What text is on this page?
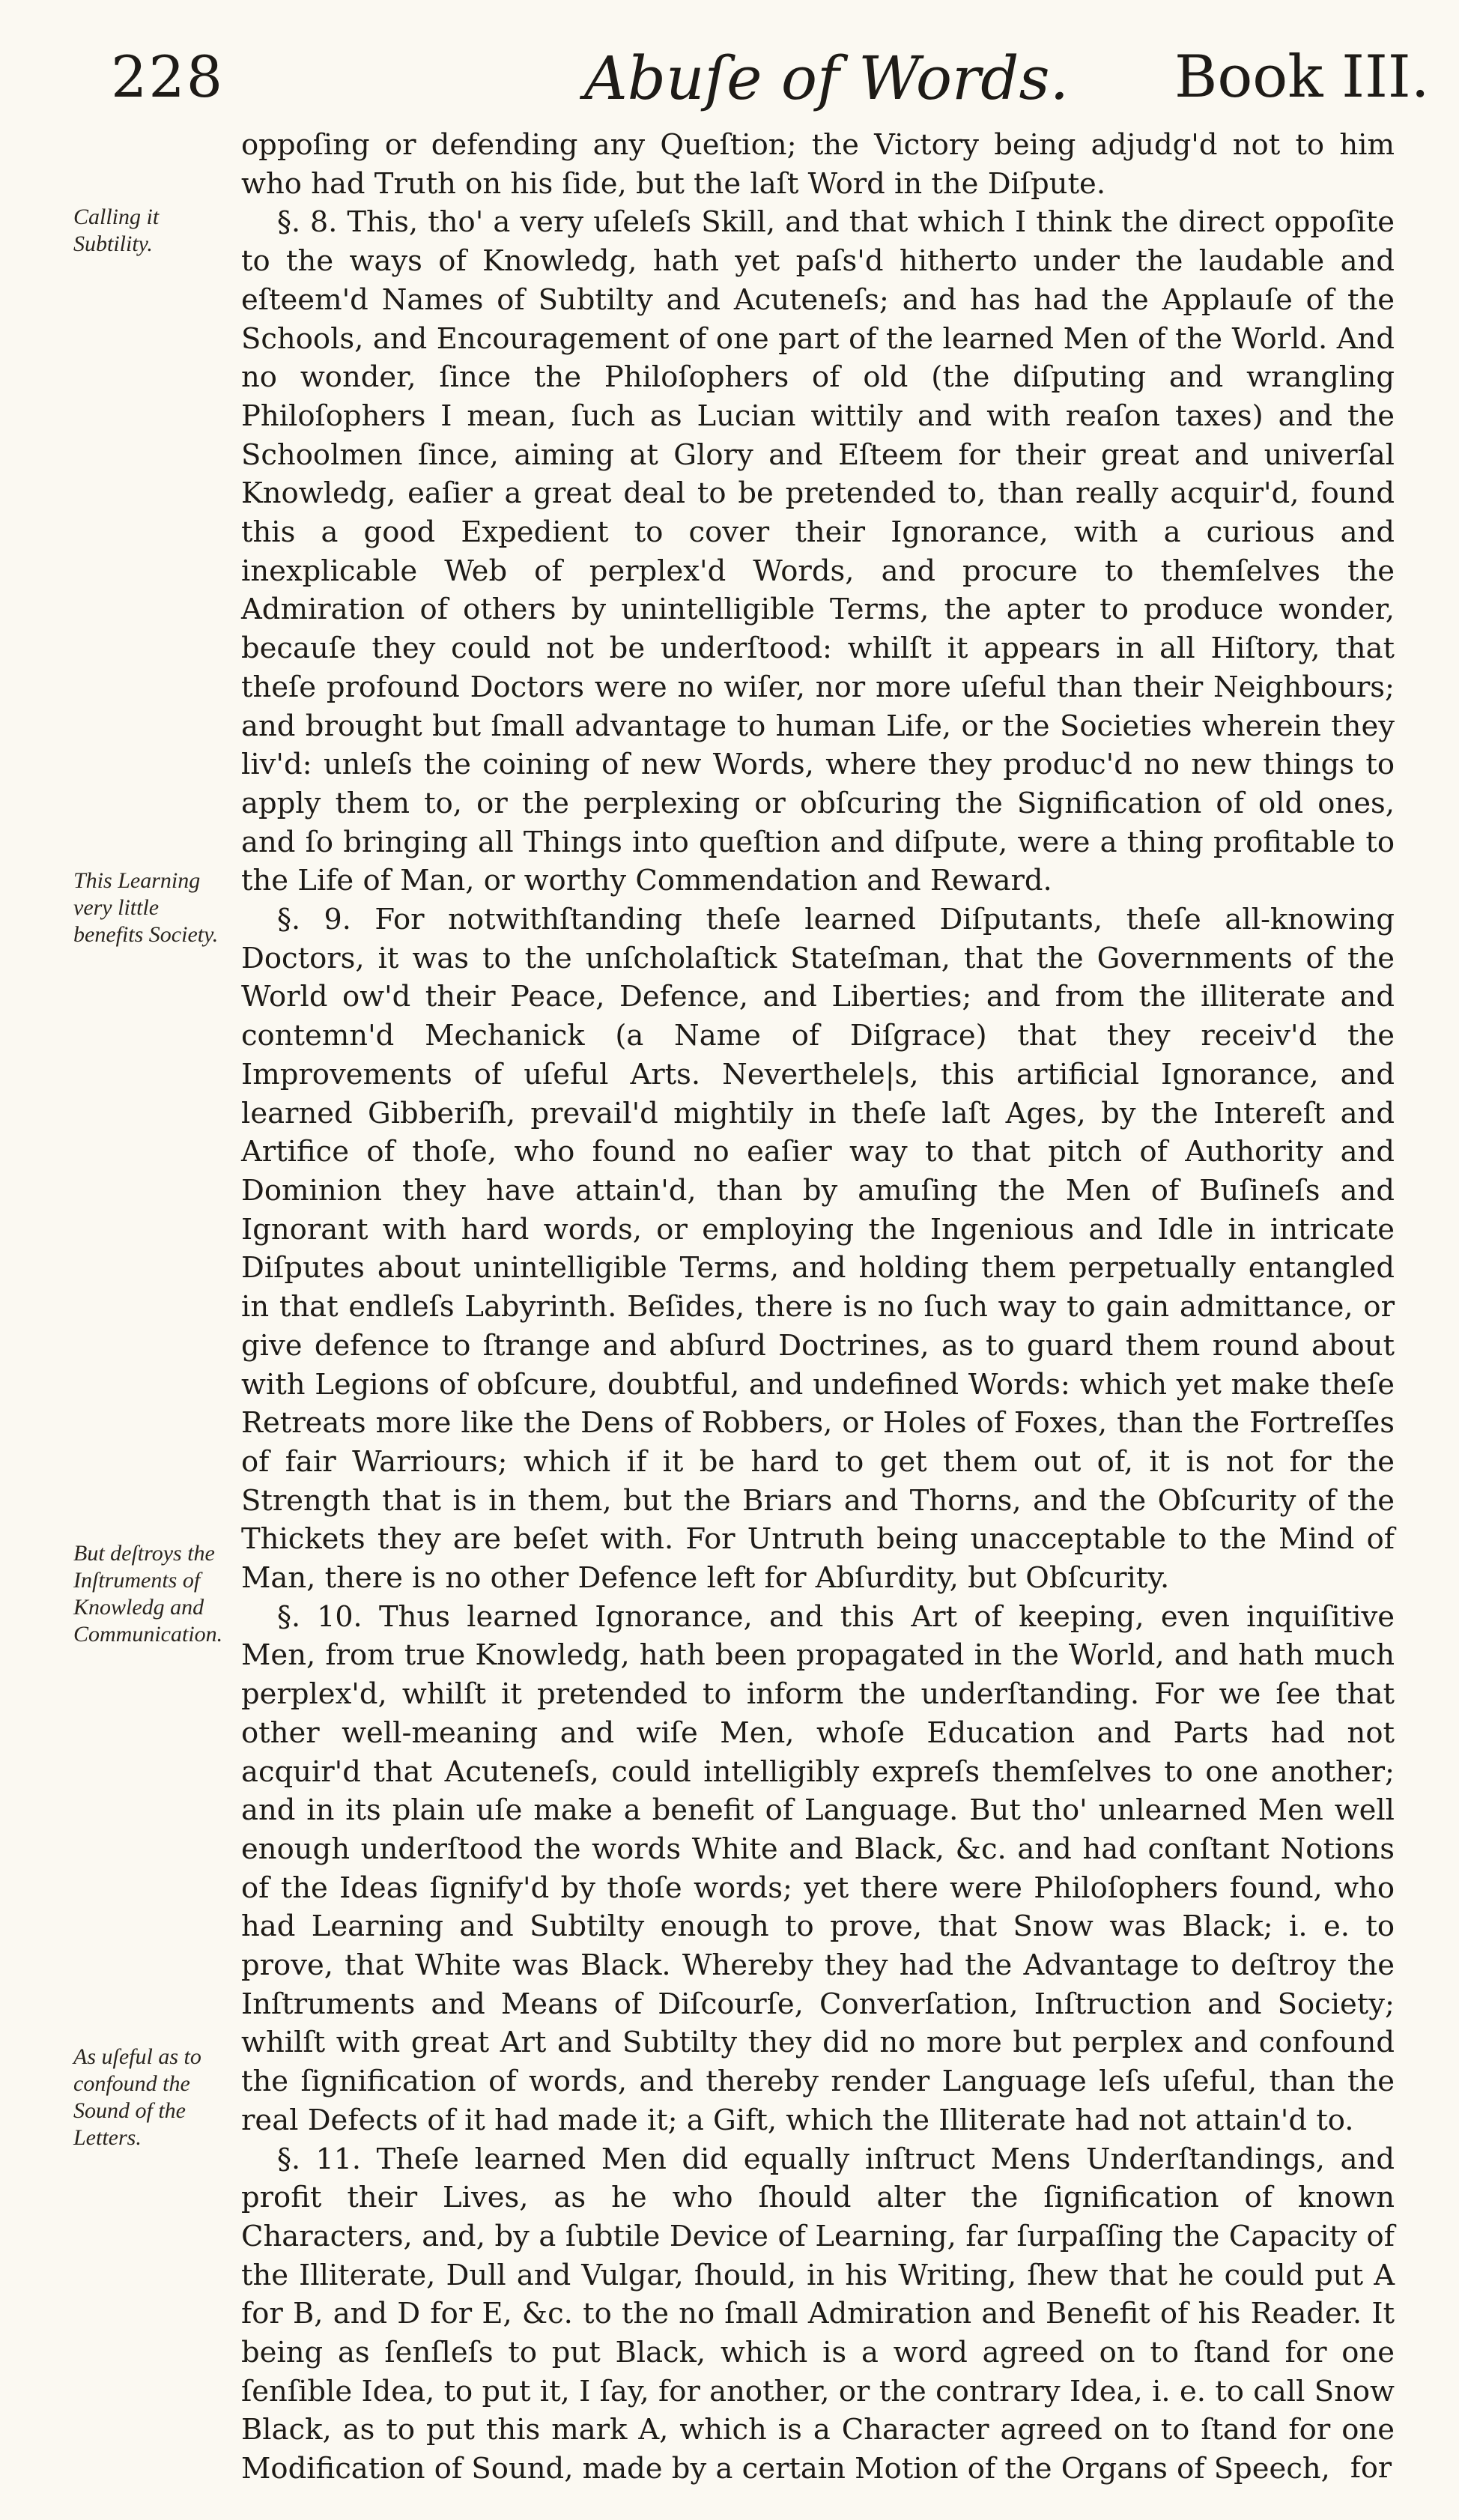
228	Abuſe of Words. Book III.
Calling it Subtility.
This Learning very little benefits Society.
But deſtroys the Inſtruments of Knowledg and Communication.
As uſeful as to confound the Sound of the Letters.

oppoſing or defending any Queſtion; the Victory being adjudg'd not to him who had Truth on his ſide, but the laſt Word in the Diſpute.

§. 8. This, tho' a very uſeleſs Skill, and that which I think the direct oppoſite to the ways of Knowledg, hath yet paſs'd hitherto under the laudable and eſteem'd Names of Subtilty and Acuteneſs; and has had the Applauſe of the Schools, and Encouragement of one part of the learned Men of the World. And no wonder, ſince the Philoſophers of old (the diſputing and wrangling Philoſophers I mean, ſuch as Lucian wittily and with reaſon taxes) and the Schoolmen ſince, aiming at Glory and Eſteem for their great and univerſal Knowledg, eaſier a great deal to be pretended to, than really acquir'd, found this a good Expedient to cover their Ignorance, with a curious and inexplicable Web of perplex'd Words, and procure to themſelves the Admiration of others by unintelligible Terms, the apter to produce wonder, becauſe they could not be underſtood: whilſt it appears in all Hiſtory, that theſe profound Doctors were no wiſer, nor more uſeful than their Neighbours; and brought but ſmall advantage to human Life, or the Societies wherein they liv'd: unleſs the coining of new Words, where they produc'd no new things to apply them to, or the perplexing or obſcuring the Signification of old ones, and ſo bringing all Things into queſtion and diſpute, were a thing profitable to the Life of Man, or worthy Commendation and Reward.

§. 9. For notwithſtanding theſe learned Diſputants, theſe all-knowing Doctors, it was to the unſcholaſtick Stateſman, that the Governments of the World ow'd their Peace, Defence, and Liberties; and from the illiterate and contemn'd Mechanick (a Name of Diſgrace) that they receiv'd the Improvements of uſeful Arts. Neverthele|s, this artificial Ignorance, and learned Gibberiſh, prevail'd mightily in theſe laſt Ages, by the Intereſt and Artifice of thoſe, who found no eaſier way to that pitch of Authority and Dominion they have attain'd, than by amuſing the Men of Buſineſs and Ignorant with hard words, or employing the Ingenious and Idle in intricate Diſputes about unintelligible Terms, and holding them perpetually entangled in that endleſs Labyrinth. Beſides, there is no ſuch way to gain admittance, or give defence to ſtrange and abſurd Doctrines, as to guard them round about with Legions of obſcure, doubtful, and undefined Words: which yet make theſe Retreats more like the Dens of Robbers, or Holes of Foxes, than the Fortreſſes of fair Warriours; which if it be hard to get them out of, it is not for the Strength that is in them, but the Briars and Thorns, and the Obſcurity of the Thickets they are beſet with. For Untruth being unacceptable to the Mind of Man, there is no other Defence left for Abſurdity, but Obſcurity.

§. 10. Thus learned Ignorance, and this Art of keeping, even inquiſitive Men, from true Knowledg, hath been propagated in the World, and hath much perplex'd, whilſt it pretended to inform the underſtanding. For we ſee that other well-meaning and wiſe Men, whoſe Education and Parts had not acquir'd that Acuteneſs, could intelligibly expreſs themſelves to one another; and in its plain uſe make a benefit of Language. But tho' unlearned Men well enough underſtood the words White and Black, &c. and had conſtant Notions of the Ideas ſignify'd by thoſe words; yet there were Philoſophers found, who had Learning and Subtilty enough to prove, that Snow was Black; i. e. to prove, that White was Black. Whereby they had the Advantage to deſtroy the Inſtruments and Means of Diſcourſe, Converſation, Inſtruction and Society; whilſt with great Art and Subtilty they did no more but perplex and confound the ſignification of words, and thereby render Language leſs uſeful, than the real Defects of it had made it; a Gift, which the Illiterate had not attain'd to.

§. 11. Theſe learned Men did equally inſtruct Mens Underſtandings, and profit their Lives, as he who ſhould alter the ſignification of known Characters, and, by a ſubtile Device of Learning, far ſurpaſſing the Capacity of the Illiterate, Dull and Vulgar, ſhould, in his Writing, ſhew that he could put A for B, and D for E, &c. to the no ſmall Admiration and Benefit of his Reader. It being as ſenſleſs to put Black, which is a word agreed on to ſtand for one ſenſible Idea, to put it, I ſay, for another, or the contrary Idea, i. e. to call Snow Black, as to put this mark A, which is a Character agreed on to ſtand for one Modification of Sound, made by a certain Motion of the Organs of Speech, for
